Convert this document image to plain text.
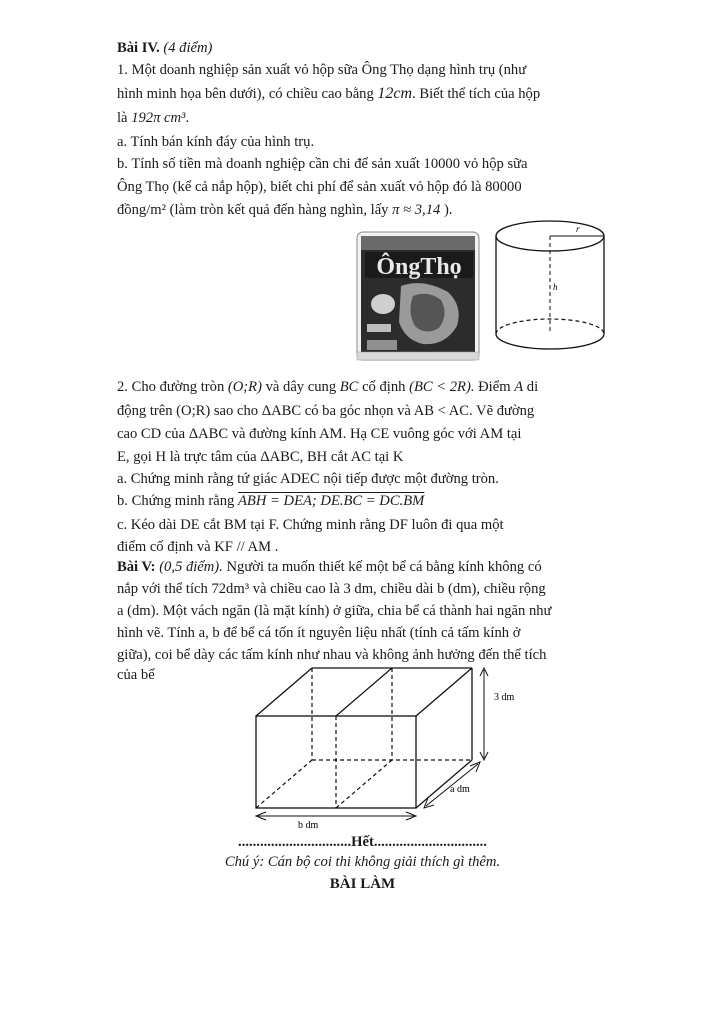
Bài IV. (4 điểm)
1. Một doanh nghiệp sản xuất vỏ hộp sữa Ông Thọ dạng hình trụ (như
hình minh họa bên dưới), có chiều cao bằng 12cm. Biết thể tích của hộp
là 192π cm³.
a. Tính bán kính đáy của hình trụ.
b. Tính số tiền mà doanh nghiệp cần chi để sản xuất 10000 vỏ hộp sữa
Ông Thọ (kể cả nắp hộp), biết chi phí để sản xuất vỏ hộp đó là 80000
đồng/m² (làm tròn kết quả đến hàng nghìn, lấy π ≈ 3,14 ).
ÔngThọ
r
h
2. Cho đường tròn (O;R) và dây cung BC cố định (BC < 2R). Điểm A di
động trên (O;R) sao cho ΔABC có ba góc nhọn và AB < AC. Vẽ đường
cao CD của ΔABC và đường kính AM. Hạ CE vuông góc với AM tại
E, gọi H là trực tâm của ΔABC, BH cắt AC tại K
a. Chứng minh rằng tứ giác ADEC nội tiếp được một đường tròn.
b. Chứng minh rằng ABH = DEA; DE.BC = DC.BM
c. Kéo dài DE cắt BM tại F. Chứng minh rằng DF luôn đi qua một
điểm cố định và KF // AM .
Bài V: (0,5 điểm). Người ta muốn thiết kế một bể cá bằng kính không có
nắp với thể tích 72dm³ và chiều cao là 3 dm, chiều dài b (dm), chiều rộng
a (dm). Một vách ngăn (là mặt kính) ở giữa, chia bể cá thành hai ngăn như
hình vẽ. Tính a, b để bể cá tốn ít nguyên liệu nhất (tính cả tấm kính ở
giữa), coi bể dày các tấm kính như nhau và không ảnh hưởng đến thể tích
của bể
3 dm
a dm
b dm
...............................Hết...............................
Chú ý: Cán bộ coi thi không giải thích gì thêm.
BÀI LÀM
